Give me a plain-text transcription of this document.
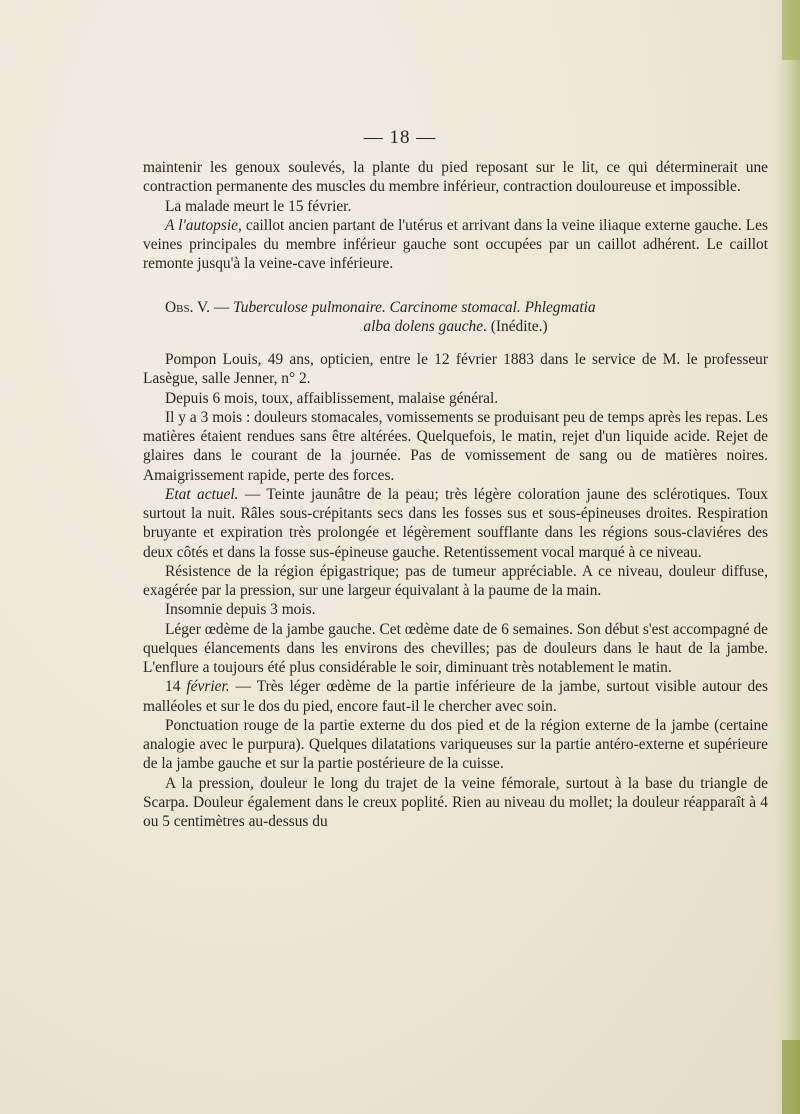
— 18 —

maintenir les genoux soulevés, la plante du pied reposant sur le lit, ce qui déterminerait une contraction permanente des muscles du membre inférieur, contraction douloureuse et impossible.

La malade meurt le 15 février.

A l'autopsie, caillot ancien partant de l'utérus et arrivant dans la veine iliaque externe gauche. Les veines principales du membre inférieur gauche sont occupées par un caillot adhérent. Le caillot remonte jusqu'à la veine-cave inférieure.

Obs. V. — Tuberculose pulmonaire. Carcinome stomacal. Phlegmatia

alba dolens gauche. (Inédite.)

Pompon Louis, 49 ans, opticien, entre le 12 février 1883 dans le service de M. le professeur Lasègue, salle Jenner, n° 2.

Depuis 6 mois, toux, affaiblissement, malaise général.

Il y a 3 mois : douleurs stomacales, vomissements se produisant peu de temps après les repas. Les matières étaient rendues sans être altérées. Quelquefois, le matin, rejet d'un liquide acide. Rejet de glaires dans le courant de la journée. Pas de vomissement de sang ou de matières noires. Amaigrissement rapide, perte des forces.

Etat actuel. — Teinte jaunâtre de la peau; très légère coloration jaune des sclérotiques. Toux surtout la nuit. Râles sous-crépitants secs dans les fosses sus et sous-épineuses droites. Respiration bruyante et expiration très prolongée et légèrement soufflante dans les régions sous-claviéres des deux côtés et dans la fosse sus-épineuse gauche. Retentissement vocal marqué à ce niveau.

Résistence de la région épigastrique; pas de tumeur appréciable. A ce niveau, douleur diffuse, exagérée par la pression, sur une largeur équivalant à la paume de la main.

Insomnie depuis 3 mois.

Léger œdème de la jambe gauche. Cet œdème date de 6 semaines. Son début s'est accompagné de quelques élancements dans les environs des chevilles; pas de douleurs dans le haut de la jambe. L'enflure a toujours été plus considérable le soir, diminuant très notablement le matin.

14 février. — Très léger œdème de la partie inférieure de la jambe, surtout visible autour des malléoles et sur le dos du pied, encore faut-il le chercher avec soin.

Ponctuation rouge de la partie externe du dos pied et de la région externe de la jambe (certaine analogie avec le purpura). Quelques dilatations variqueuses sur la partie antéro-externe et supérieure de la jambe gauche et sur la partie postérieure de la cuisse.

A la pression, douleur le long du trajet de la veine fémorale, surtout à la base du triangle de Scarpa. Douleur également dans le creux poplité. Rien au niveau du mollet; la douleur réapparaît à 4 ou 5 centimètres au-dessus du
